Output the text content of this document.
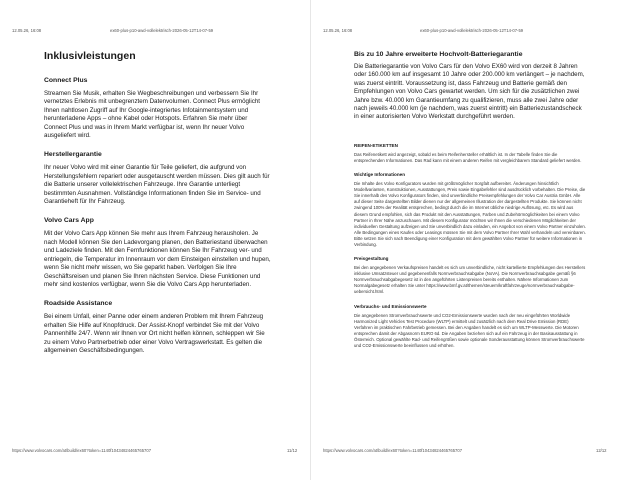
12.05.26, 16:08	ex60-plus-p10-awd-vollelektrisch-2026-05-12T14-07-59
Inklusivleistungen
Connect Plus

Streamen Sie Musik, erhalten Sie Wegbeschreibungen und verbessern Sie Ihr vernetztes Erlebnis mit unbegrenztem Datenvolumen. Connect Plus ermöglicht Ihnen nahtlosen Zugriff auf Ihr Google-integriertes Infotainmentsystem und herunterladene Apps – ohne Kabel oder Hotspots. Erfahren Sie mehr über Connect Plus und was in Ihrem Markt verfügbar ist, wenn Ihr neuer Volvo ausgeliefert wird.

Herstellergarantie

Ihr neuer Volvo wird mit einer Garantie für Teile geliefert, die aufgrund von Herstellungsfehlern repariert oder ausgetauscht werden müssen. Dies gilt auch für die Batterie unserer vollelektrischen Fahrzeuge. Ihre Garantie unterliegt bestimmten Ausnahmen. Vollständige Informationen finden Sie im Service- und Garantieheft für Ihr Fahrzeug.

Volvo Cars App

Mit der Volvo Cars App können Sie mehr aus Ihrem Fahrzeug herausholen. Je nach Modell können Sie den Ladevorgang planen, den Batteriestand überwachen und Ladeziele finden. Mit den Fernfunktionen können Sie Ihr Fahrzeug ver- und entriegeln, die Temperatur im Innenraum vor dem Einsteigen einstellen und hupen, wenn Sie nicht mehr wissen, wo Sie geparkt haben. Verfolgen Sie Ihre Geschäftsreisen und planen Sie Ihren nächsten Service. Diese Funktionen und mehr sind kostenlos verfügbar, wenn Sie die Volvo Cars App herunterladen.

Roadside Assistance

Bei einem Unfall, einer Panne oder einem anderen Problem mit Ihrem Fahrzeug erhalten Sie Hilfe auf Knopfdruck. Der Assist-Knopf verbindet Sie mit der Volvo Pannenhilfe 24/7. Wenn wir Ihnen vor Ort nicht helfen können, schleppen wir Sie zu einem Volvo Partnerbetrieb oder einer Volvo Vertragswerkstatt. Es gelten die allgemeinen Geschäftsbedingungen.

https://www.volvocars.com/at/build/ex60?token=1140f10434824465765707	11/12
12.05.26, 16:08	ex60-plus-p10-awd-vollelektrisch-2026-05-12T14-07-59
Bis zu 10 Jahre erweiterte Hochvolt-Batteriegarantie

Die Batteriegarantie von Volvo Cars für den Volvo EX60 wird von derzeit 8 Jahren oder 160.000 km auf insgesamt 10 Jahre oder 200.000 km verlängert – je nachdem, was zuerst eintritt. Voraussetzung ist, dass Fahrzeug und Batterie gemäß den Empfehlungen von Volvo Cars gewartet werden. Um sich für die zusätzlichen zwei Jahre bzw. 40.000 km Garantieumfang zu qualifizieren, muss alle zwei Jahre oder nach jeweils 40.000 km (je nachdem, was zuerst eintritt) ein Batteriezustandscheck in einer autorisierten Volvo Werkstatt durchgeführt werden.

REIFEN-ETIKETTEN

Das Reifenetikett wird angezeigt, sobald es beim Reifenhersteller erhältlich ist. In der Tabelle finden Sie die entsprechenden Informationen. Das Rad kann mit einem anderen Reifen mit vergleichbarem Standard geliefert werden.

Wichtige Informationen

Die Inhalte des Volvo Konfigurators wurden mit größtmöglicher Sorgfalt aufbereitet. Änderungen hinsichtlich Modellvarianten, Konstruktionen, Ausstattungen, Preis sowie Eingabefehler sind ausdrücklich vorbehalten. Die Preise, die Sie innerhalb des Volvo Konfigurators finden, sind unverbindliche Preisempfehlungen der Volvo Car Austria GmbH. Alle auf dieser Seite dargestellten Bilder dienen nur der allgemeinen Illustration der dargestellten Produkte. Sie können nicht zwingend 100% der Realität entsprechen, bedingt durch die im Internet übliche niedrige Auflösung, etc. Es wird aus diesem Grund empfohlen, sich das Produkt mit den Ausstattungen, Farben und Zubehörmöglichkeiten bei einem Volvo Partner in Ihrer Nähe anzuschauen. Mit diesem Konfigurator möchten wir Ihnen die verschiedenen Möglichkeiten der individuellen Gestaltung aufzeigen und Sie unverbindlich dazu einladen, ein Angebot von einem Volvo Partner einzuholen. Alle Bedingungen eines Kaufes oder Leasings müssen Sie mit dem Volvo Partner Ihrer Wahl verhandeln und vereinbaren. Bitte setzen Sie sich nach Beendigung einer Konfiguration mit dem gewählten Volvo Partner für weitere Informationen in Verbindung.

Preisgestaltung

Bei den angegebenen Verkaufspreisen handelt es sich um unverbindliche, nicht kartellierte Empfehlungen des Herstellers inklusive Umsatzsteuer und gegebenenfalls Normverbrauchsabgabe (NoVA). Die Normverbrauchsabgabe gemäß §6 Normverbrauchsabgabegesetz ist in den angeführten Listenpreisen bereits enthalten. Nähere Informationen zum Normalgabegesetz erhalten Sie unter https://www.bmf.gv.at/themen/steuern/kraftfahrzeuge/normverbrauchsabgabe-uebersicht.html.

Verbrauchs- und Emissionswerte

Die angegebenen Stromverbrauchswerte und CO2-Emissionswerte wurden nach der neu eingeführten Worldwide Harmonized Light Vehicles Test Procedure (WLTP) ermittelt und zusätzlich nach dem Real Drive Emission (RDE) Verfahren im praktischen Fahrbetrieb gemessen. Bei den Angaben handelt es sich um WLTP-Messwerte. Die Motoren entsprechen damit der Abgasnorm EURO 6d. Die Angaben beziehen sich auf ein Fahrzeug in der Basisausstattung in Österreich. Optional gewählte Rad- und Reifengrößen sowie optionale Sonderausstattung können Stromverbrauchswerte und CO2-Emissionswerte beeinflussen und erhöhen.

https://www.volvocars.com/at/build/ex60?token=1140f10434824465765707	12/12
